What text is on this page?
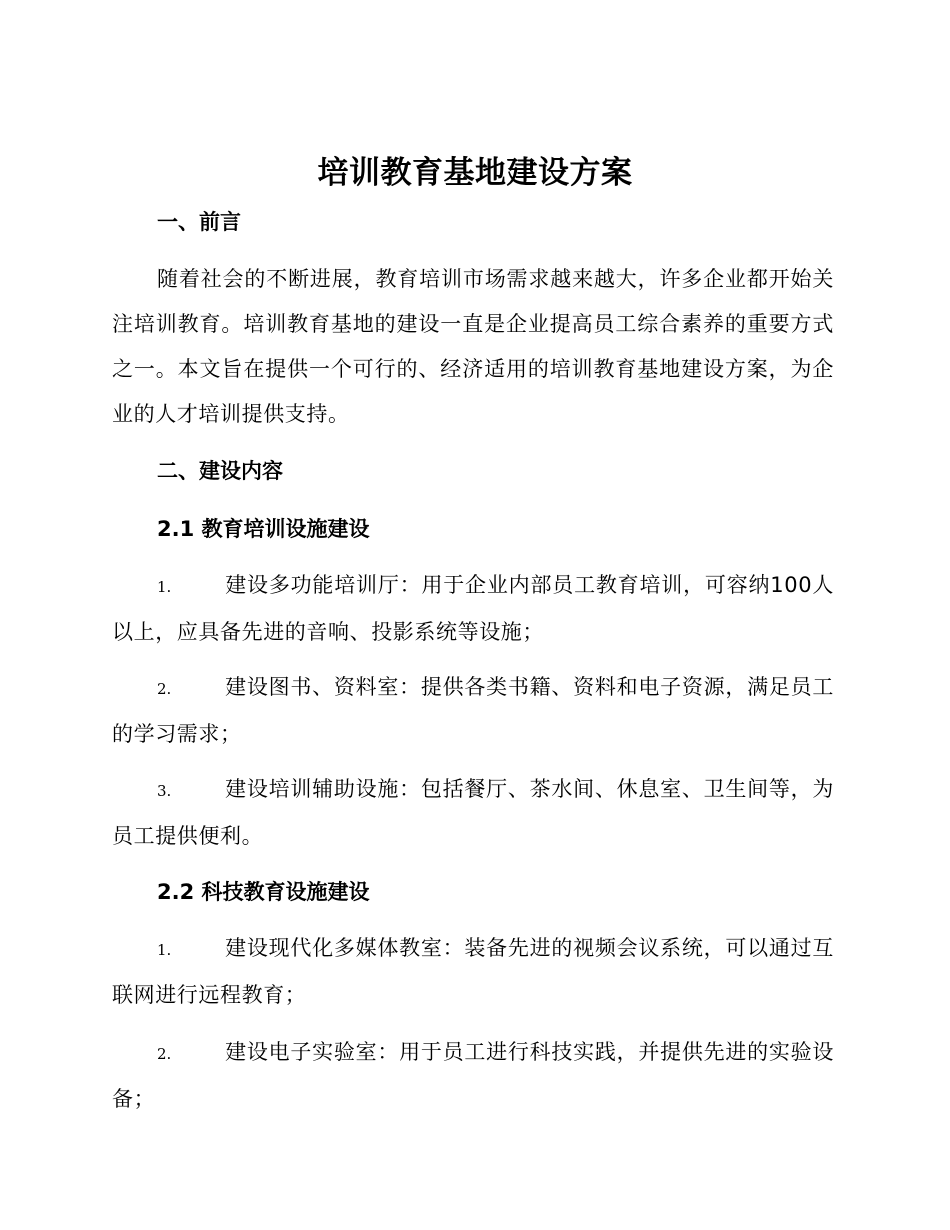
培训教育基地建设方案
一、前言
随着社会的不断进展，教育培训市场需求越来越大，许多企业都开始关注培训教育。培训教育基地的建设一直是企业提高员工综合素养的重要方式之一。本文旨在提供一个可行的、经济适用的培训教育基地建设方案，为企业的人才培训提供支持。
二、建设内容
2.1 教育培训设施建设
1.	建设多功能培训厅：用于企业内部员工教育培训，可容纳100人以上，应具备先进的音响、投影系统等设施；
2.	建设图书、资料室：提供各类书籍、资料和电子资源，满足员工的学习需求；
3.	建设培训辅助设施：包括餐厅、茶水间、休息室、卫生间等，为员工提供便利。
2.2 科技教育设施建设
1.	建设现代化多媒体教室：装备先进的视频会议系统，可以通过互联网进行远程教育；
2.	建设电子实验室：用于员工进行科技实践，并提供先进的实验设备；
